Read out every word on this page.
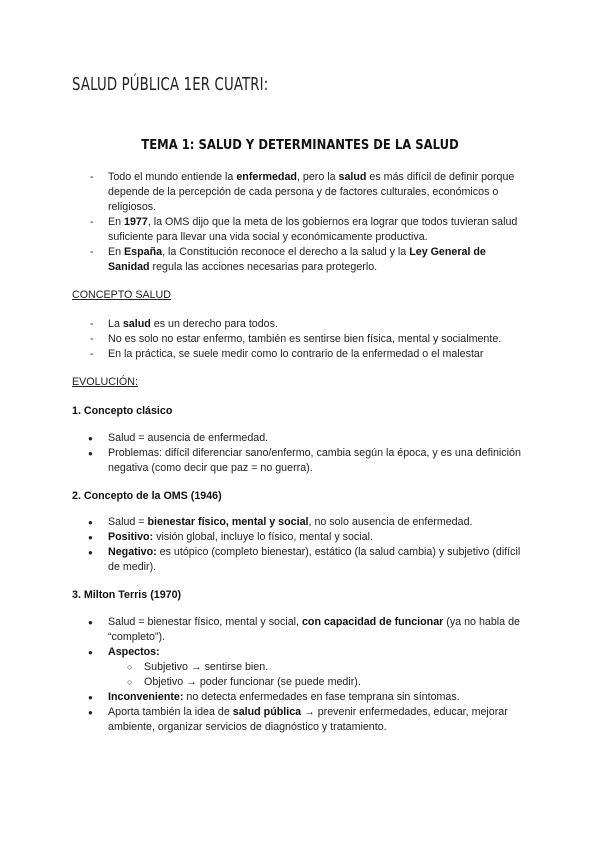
SALUD PÚBLICA 1ER CUATRI:
TEMA 1: SALUD Y DETERMINANTES DE LA SALUD
- Todo el mundo entiende la enfermedad, pero la salud es más difícil de definir porque depende de la percepción de cada persona y de factores culturales, económicos o religiosos.
- En 1977, la OMS dijo que la meta de los gobiernos era lograr que todos tuvieran salud suficiente para llevar una vida social y económicamente productiva.
- En España, la Constitución reconoce el derecho a la salud y la Ley General de Sanidad regula las acciones necesarias para protegerlo.
CONCEPTO SALUD
- La salud es un derecho para todos.
- No es solo no estar enfermo, también es sentirse bien física, mental y socialmente.
- En la práctica, se suele medir como lo contrario de la enfermedad o el malestar
EVOLUCIÓN:
1. Concepto clásico
● Salud = ausencia de enfermedad.
● Problemas: difícil diferenciar sano/enfermo, cambia según la época, y es una definición negativa (como decir que paz = no guerra).
2. Concepto de la OMS (1946)
● Salud = bienestar físico, mental y social, no solo ausencia de enfermedad.
● Positivo: visión global, incluye lo físico, mental y social.
● Negativo: es utópico (completo bienestar), estático (la salud cambia) y subjetivo (difícil de medir).
3. Milton Terris (1970)
● Salud = bienestar físico, mental y social, con capacidad de funcionar (ya no habla de “completo”).
● Aspectos:
○ Subjetivo → sentirse bien.
○ Objetivo → poder funcionar (se puede medir).
● Inconveniente: no detecta enfermedades en fase temprana sin síntomas.
● Aporta también la idea de salud pública → prevenir enfermedades, educar, mejorar ambiente, organizar servicios de diagnóstico y tratamiento.
